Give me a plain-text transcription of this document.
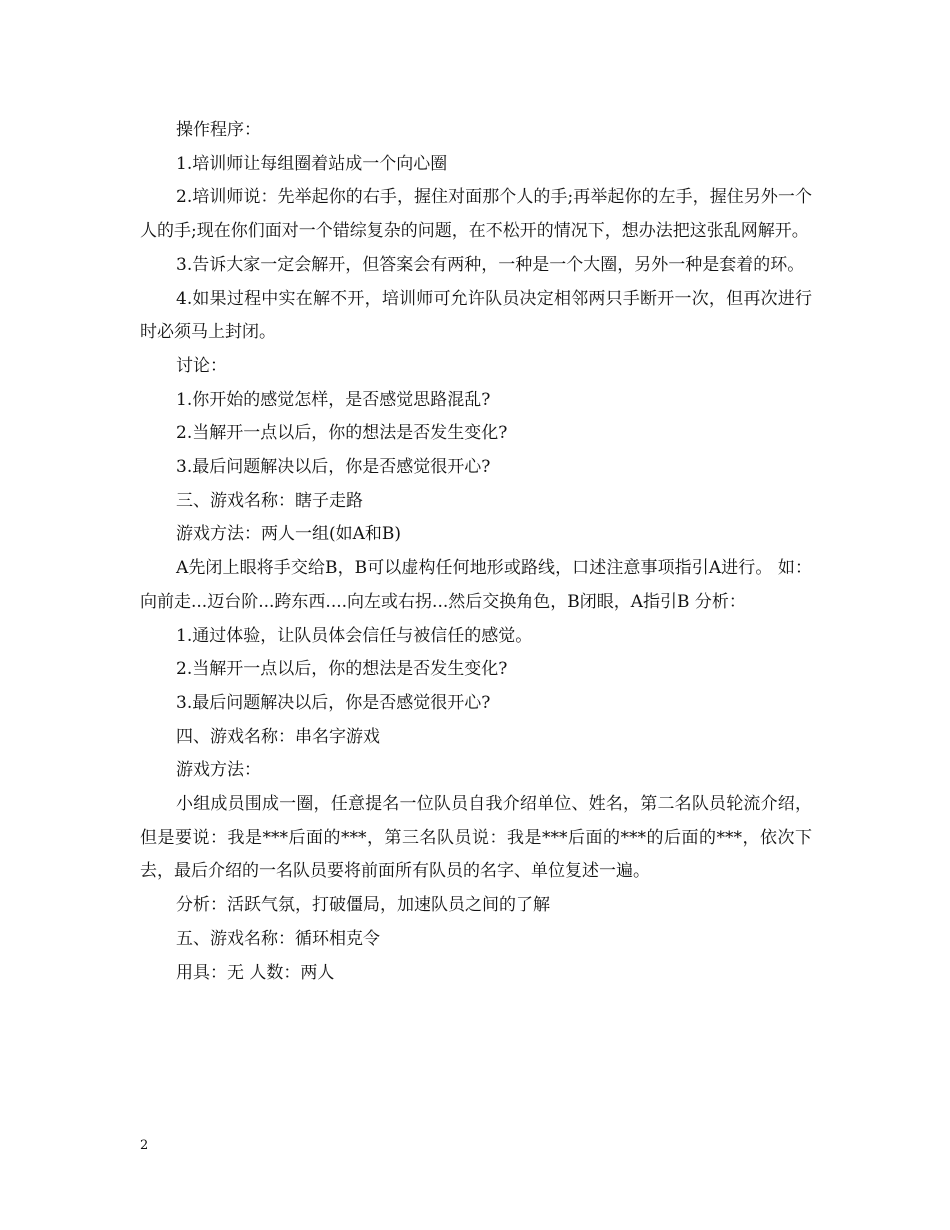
操作程序：

1.培训师让每组圈着站成一个向心圈

2.培训师说：先举起你的右手，握住对面那个人的手;再举起你的左手，握住另外一个人的手;现在你们面对一个错综复杂的问题，在不松开的情况下，想办法把这张乱网解开。

3.告诉大家一定会解开，但答案会有两种，一种是一个大圈，另外一种是套着的环。

4.如果过程中实在解不开，培训师可允许队员决定相邻两只手断开一次，但再次进行时必须马上封闭。

讨论：

1.你开始的感觉怎样，是否感觉思路混乱?

2.当解开一点以后，你的想法是否发生变化?

3.最后问题解决以后，你是否感觉很开心?

三、游戏名称：瞎子走路

游戏方法：两人一组(如A和B)

A先闭上眼将手交给B，B可以虚构任何地形或路线，口述注意事项指引A进行。 如：向前走...迈台阶...跨东西....向左或右拐...然后交换角色，B闭眼，A指引B 分析：

1.通过体验，让队员体会信任与被信任的感觉。

2.当解开一点以后，你的想法是否发生变化?

3.最后问题解决以后，你是否感觉很开心?

四、游戏名称：串名字游戏

游戏方法：

小组成员围成一圈，任意提名一位队员自我介绍单位、姓名，第二名队员轮流介绍，但是要说：我是***后面的***，第三名队员说：我是***后面的***的后面的***，依次下去，最后介绍的一名队员要将前面所有队员的名字、单位复述一遍。

分析：活跃气氛，打破僵局，加速队员之间的了解

五、游戏名称：循环相克令

用具：无 人数：两人

2
